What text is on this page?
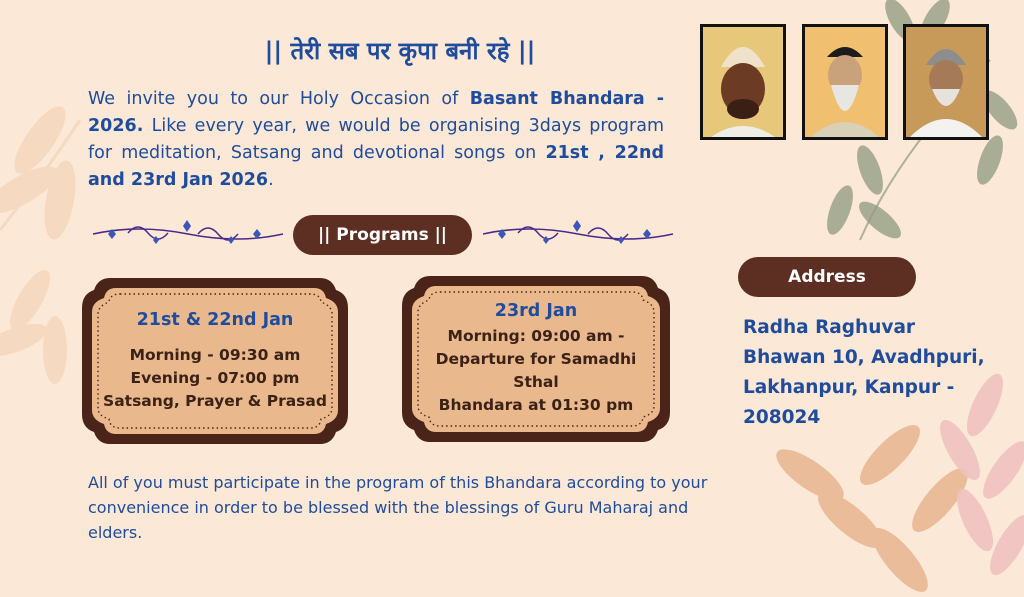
|| तेरी सब पर कृपा बनी रहे ||

We invite you to our Holy Occasion of Basant Bhandara - 2026. Like every year, we would be organising 3days program for meditation, Satsang and devotional songs on 21st , 22nd and 23rd Jan 2026.

|| Programs ||
21st & 22nd Jan
Morning - 09:30 am
Evening - 07:00 pm
Satsang, Prayer & Prasad
23rd Jan
Morning: 09:00 am -
Departure for Samadhi
Sthal
Bhandara at 01:30 pm

All of you must participate in the program of this Bhandara according to your convenience in order to be blessed with the blessings of Guru Maharaj and elders.

Address
Radha Raghuvar
Bhawan 10, Avadhpuri,
Lakhanpur, Kanpur -
208024
